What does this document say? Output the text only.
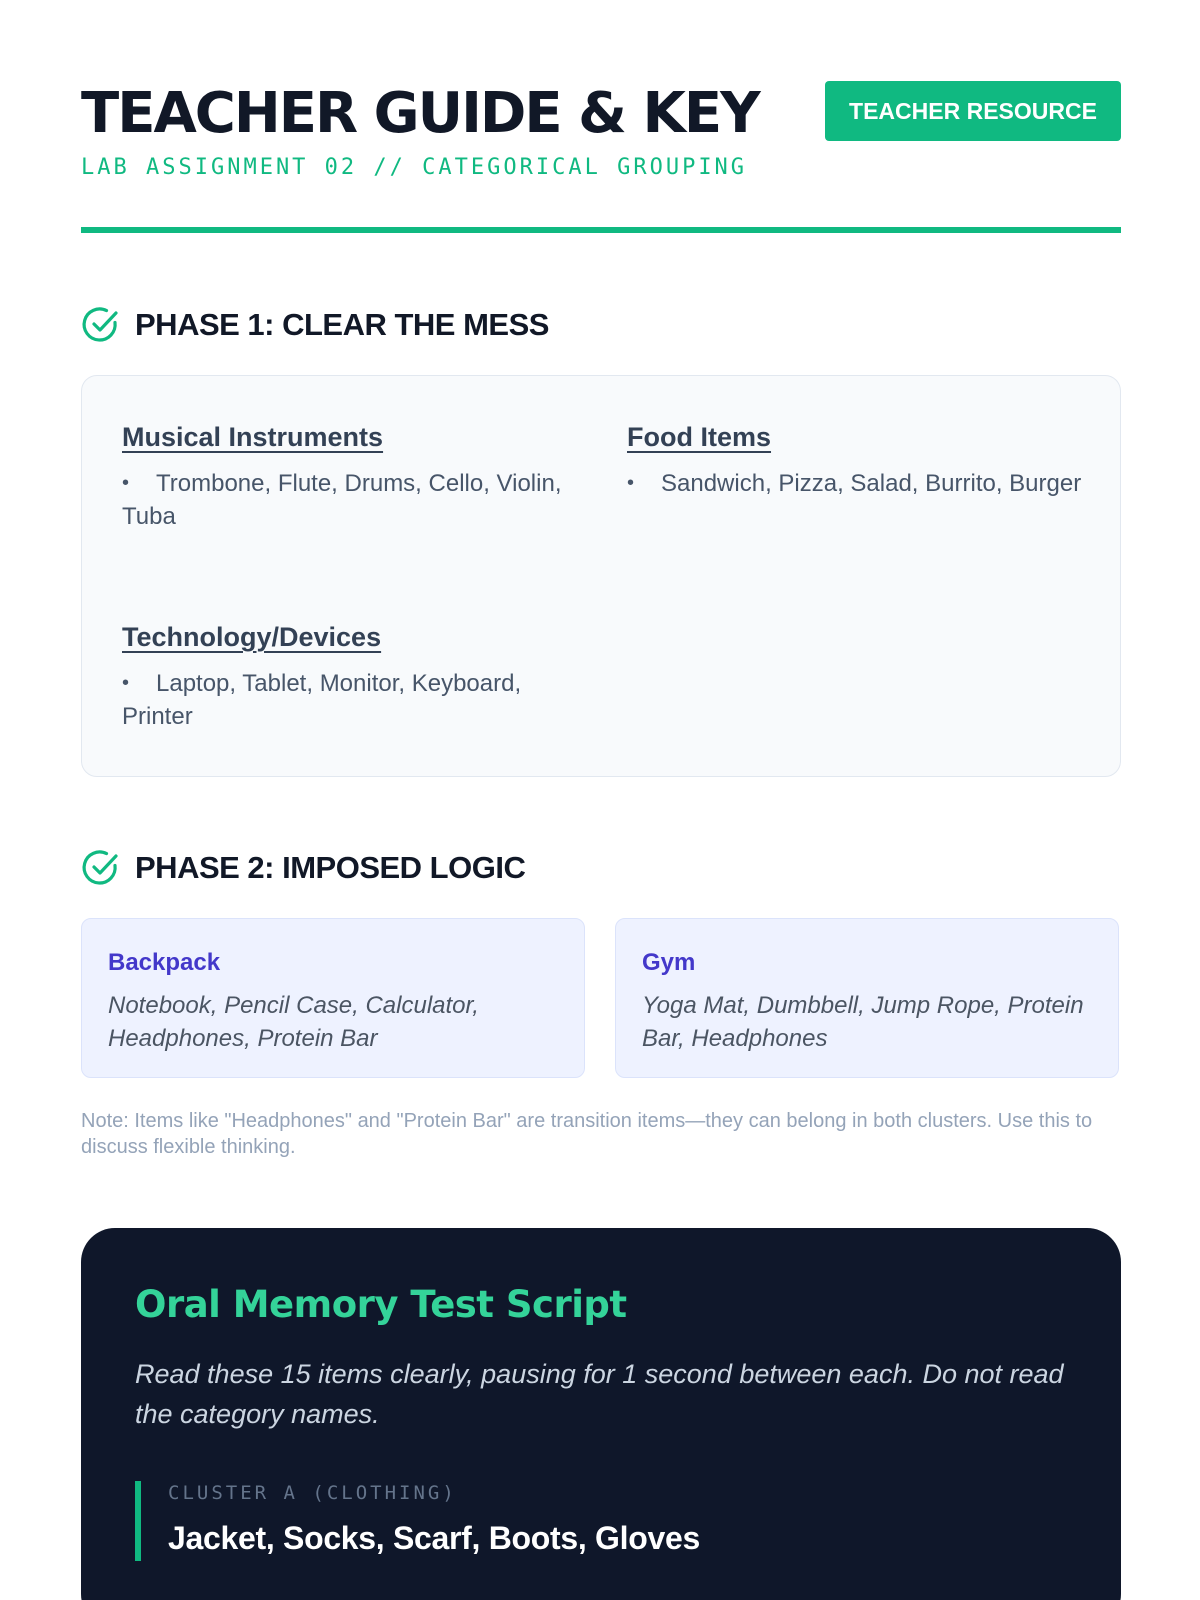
TEACHER GUIDE & KEY
LAB ASSIGNMENT 02 // CATEGORICAL GROUPING
TEACHER RESOURCE
PHASE 1: CLEAR THE MESS
Musical Instruments
• Trombone, Flute, Drums, Cello, Violin, Tuba
Food Items
• Sandwich, Pizza, Salad, Burrito, Burger
Technology/Devices
• Laptop, Tablet, Monitor, Keyboard, Printer
PHASE 2: IMPOSED LOGIC
Backpack
Notebook, Pencil Case, Calculator, Headphones, Protein Bar
Gym
Yoga Mat, Dumbbell, Jump Rope, Protein Bar, Headphones
Note: Items like "Headphones" and "Protein Bar" are transition items—they can belong in both clusters. Use this to discuss flexible thinking.
Oral Memory Test Script
Read these 15 items clearly, pausing for 1 second between each. Do not read the category names.
CLUSTER A (CLOTHING)
Jacket, Socks, Scarf, Boots, Gloves
